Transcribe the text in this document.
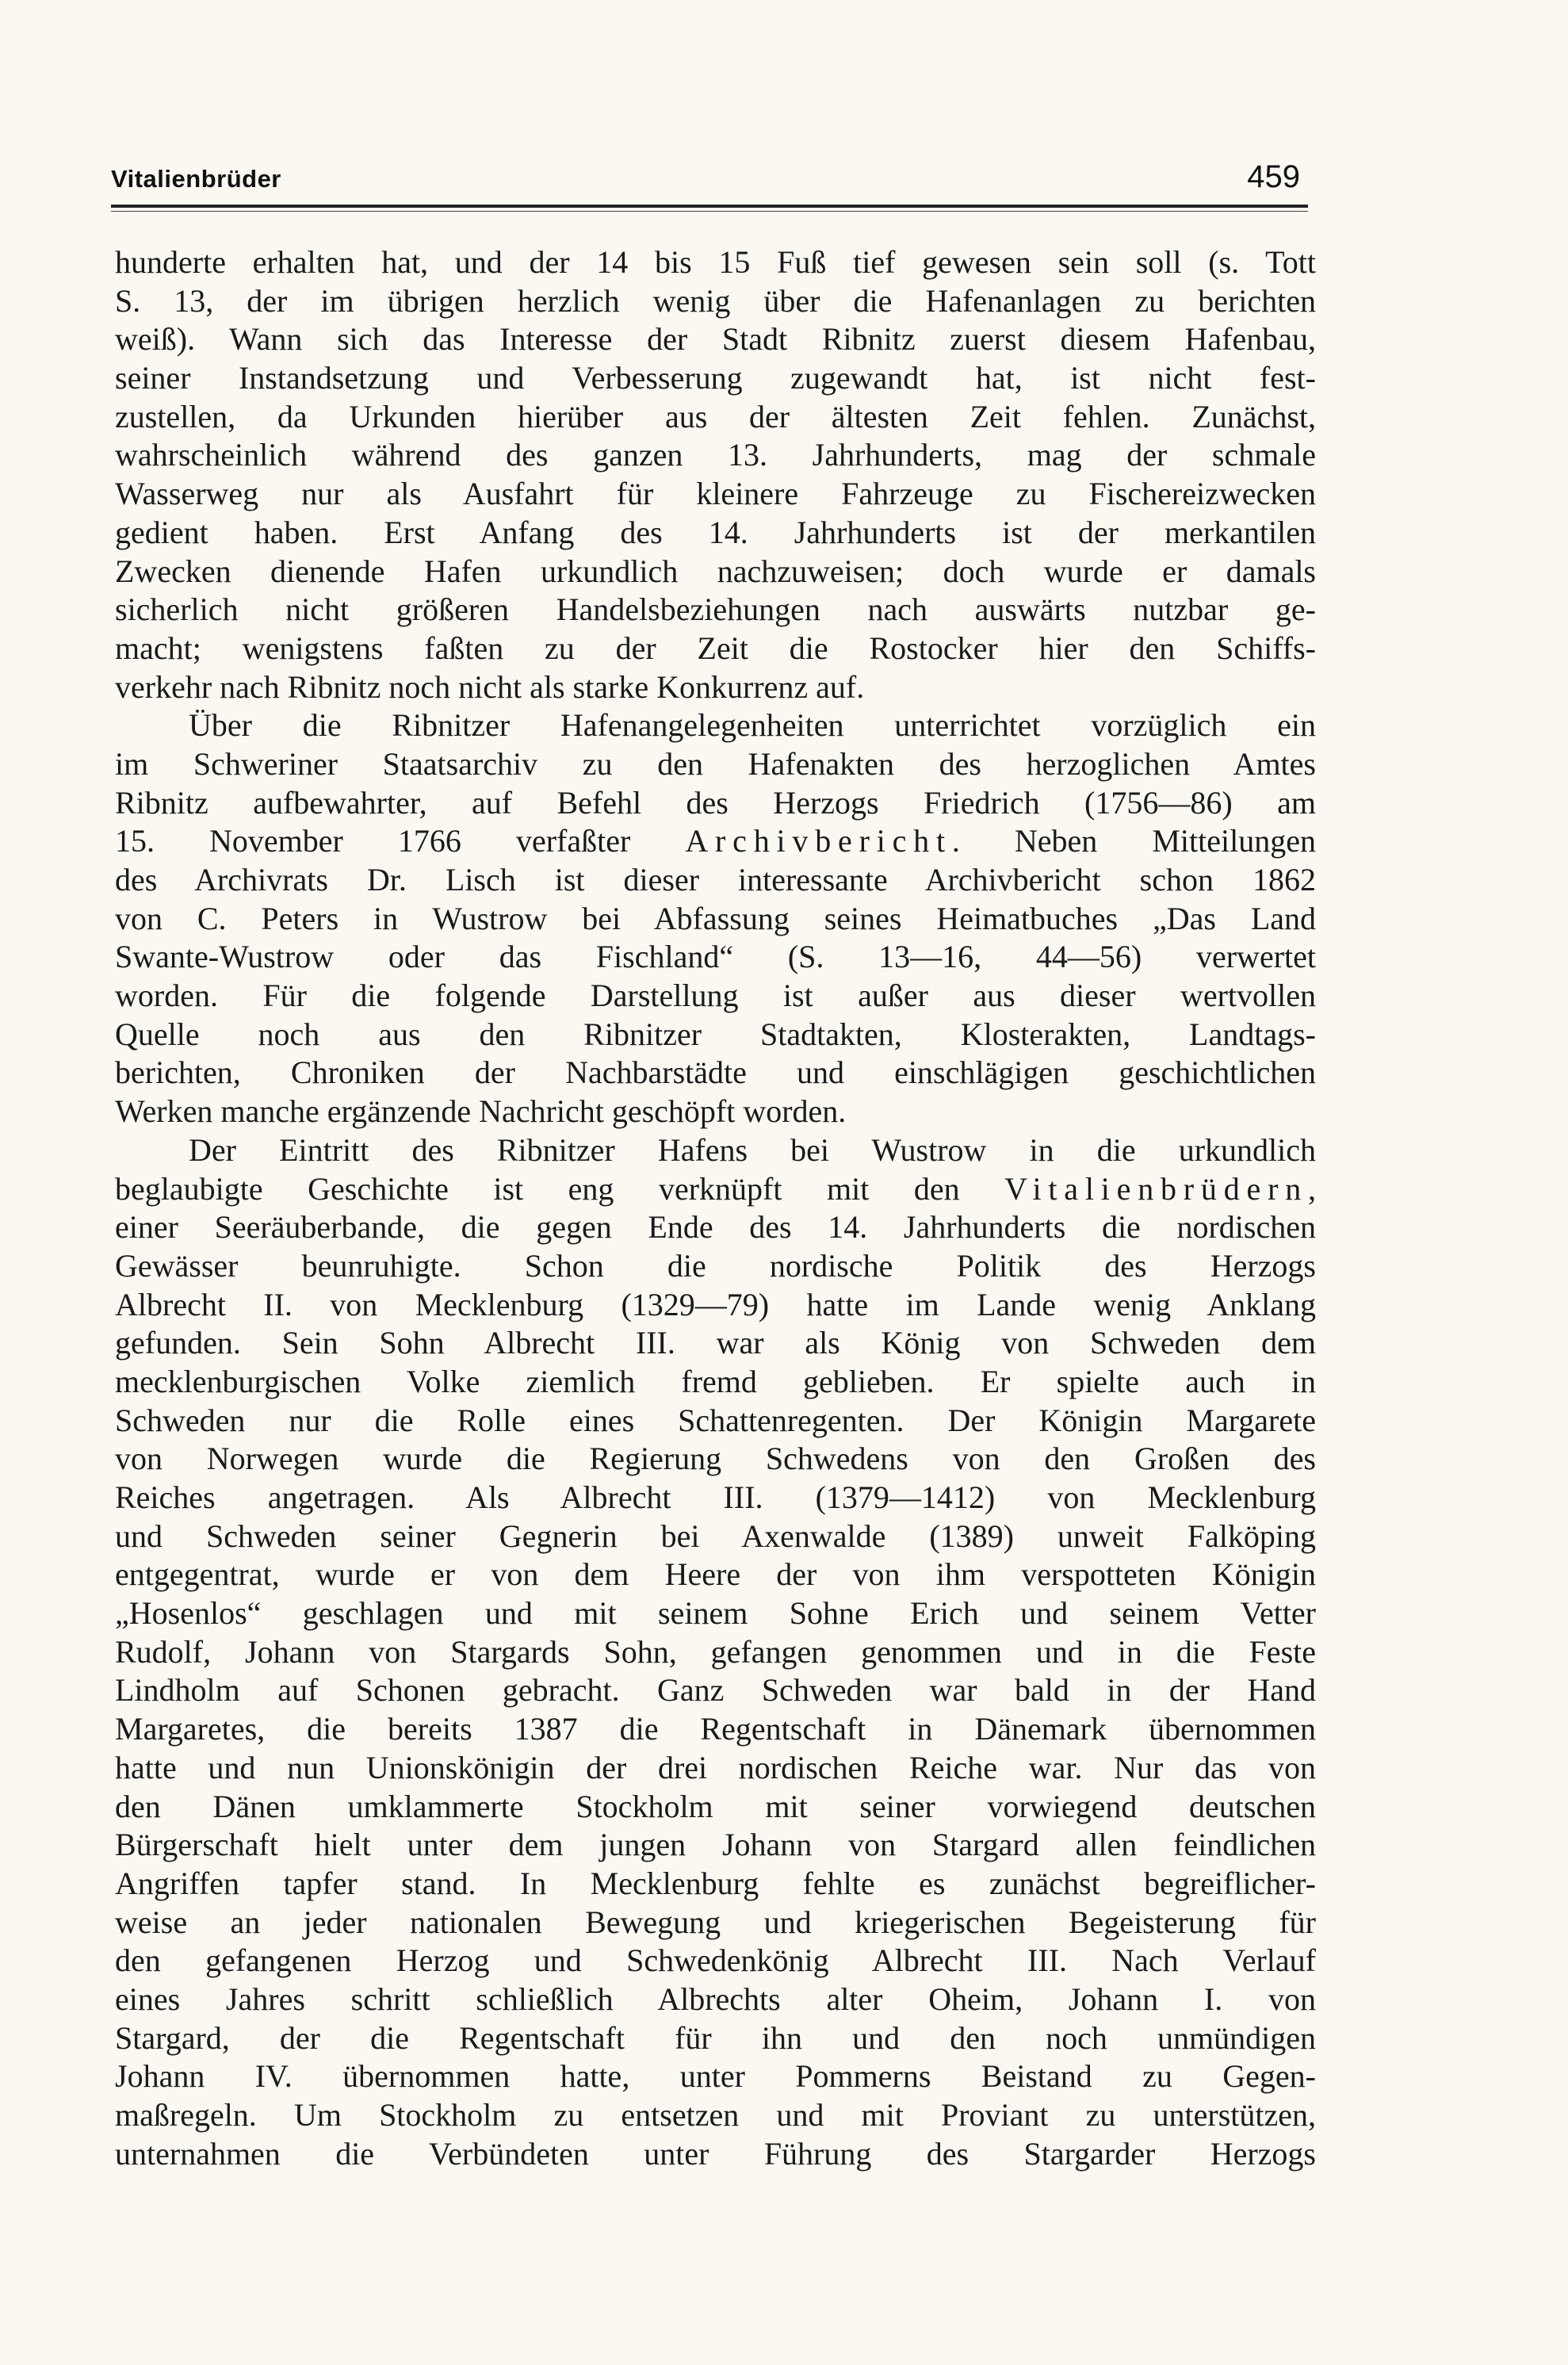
Vitalienbrüder	459
hunderte erhalten hat, und der 14 bis 15 Fuß tief gewesen sein soll (s. Tott
S. 13, der im übrigen herzlich wenig über die Hafenanlagen zu berichten
weiß). Wann sich das Interesse der Stadt Ribnitz zuerst diesem Hafenbau,
seiner Instandsetzung und Verbesserung zugewandt hat, ist nicht fest-
zustellen, da Urkunden hierüber aus der ältesten Zeit fehlen. Zunächst,
wahrscheinlich während des ganzen 13. Jahrhunderts, mag der schmale
Wasserweg nur als Ausfahrt für kleinere Fahrzeuge zu Fischereizwecken
gedient haben. Erst Anfang des 14. Jahrhunderts ist der merkantilen
Zwecken dienende Hafen urkundlich nachzuweisen; doch wurde er damals
sicherlich nicht größeren Handelsbeziehungen nach auswärts nutzbar ge-
macht; wenigstens faßten zu der Zeit die Rostocker hier den Schiffs-
verkehr nach Ribnitz noch nicht als starke Konkurrenz auf.
Über die Ribnitzer Hafenangelegenheiten unterrichtet vorzüglich ein
im Schweriner Staatsarchiv zu den Hafenakten des herzoglichen Amtes
Ribnitz aufbewahrter, auf Befehl des Herzogs Friedrich (1756—86) am
15. November 1766 verfaßter Archivbericht. Neben Mitteilungen
des Archivrats Dr. Lisch ist dieser interessante Archivbericht schon 1862
von C. Peters in Wustrow bei Abfassung seines Heimatbuches „Das Land
Swante-Wustrow oder das Fischland“ (S. 13—16, 44—56) verwertet
worden. Für die folgende Darstellung ist außer aus dieser wertvollen
Quelle noch aus den Ribnitzer Stadtakten, Klosterakten, Landtags-
berichten, Chroniken der Nachbarstädte und einschlägigen geschichtlichen
Werken manche ergänzende Nachricht geschöpft worden.
Der Eintritt des Ribnitzer Hafens bei Wustrow in die urkundlich
beglaubigte Geschichte ist eng verknüpft mit den Vitalienbrüdern,
einer Seeräuberbande, die gegen Ende des 14. Jahrhunderts die nordischen
Gewässer beunruhigte. Schon die nordische Politik des Herzogs
Albrecht II. von Mecklenburg (1329—79) hatte im Lande wenig Anklang
gefunden. Sein Sohn Albrecht III. war als König von Schweden dem
mecklenburgischen Volke ziemlich fremd geblieben. Er spielte auch in
Schweden nur die Rolle eines Schattenregenten. Der Königin Margarete
von Norwegen wurde die Regierung Schwedens von den Großen des
Reiches angetragen. Als Albrecht III. (1379—1412) von Mecklenburg
und Schweden seiner Gegnerin bei Axenwalde (1389) unweit Falköping
entgegentrat, wurde er von dem Heere der von ihm verspotteten Königin
„Hosenlos“ geschlagen und mit seinem Sohne Erich und seinem Vetter
Rudolf, Johann von Stargards Sohn, gefangen genommen und in die Feste
Lindholm auf Schonen gebracht. Ganz Schweden war bald in der Hand
Margaretes, die bereits 1387 die Regentschaft in Dänemark übernommen
hatte und nun Unionskönigin der drei nordischen Reiche war. Nur das von
den Dänen umklammerte Stockholm mit seiner vorwiegend deutschen
Bürgerschaft hielt unter dem jungen Johann von Stargard allen feindlichen
Angriffen tapfer stand. In Mecklenburg fehlte es zunächst begreiflicher-
weise an jeder nationalen Bewegung und kriegerischen Begeisterung für
den gefangenen Herzog und Schwedenkönig Albrecht III. Nach Verlauf
eines Jahres schritt schließlich Albrechts alter Oheim, Johann I. von
Stargard, der die Regentschaft für ihn und den noch unmündigen
Johann IV. übernommen hatte, unter Pommerns Beistand zu Gegen-
maßregeln. Um Stockholm zu entsetzen und mit Proviant zu unterstützen,
unternahmen die Verbündeten unter Führung des Stargarder Herzogs
